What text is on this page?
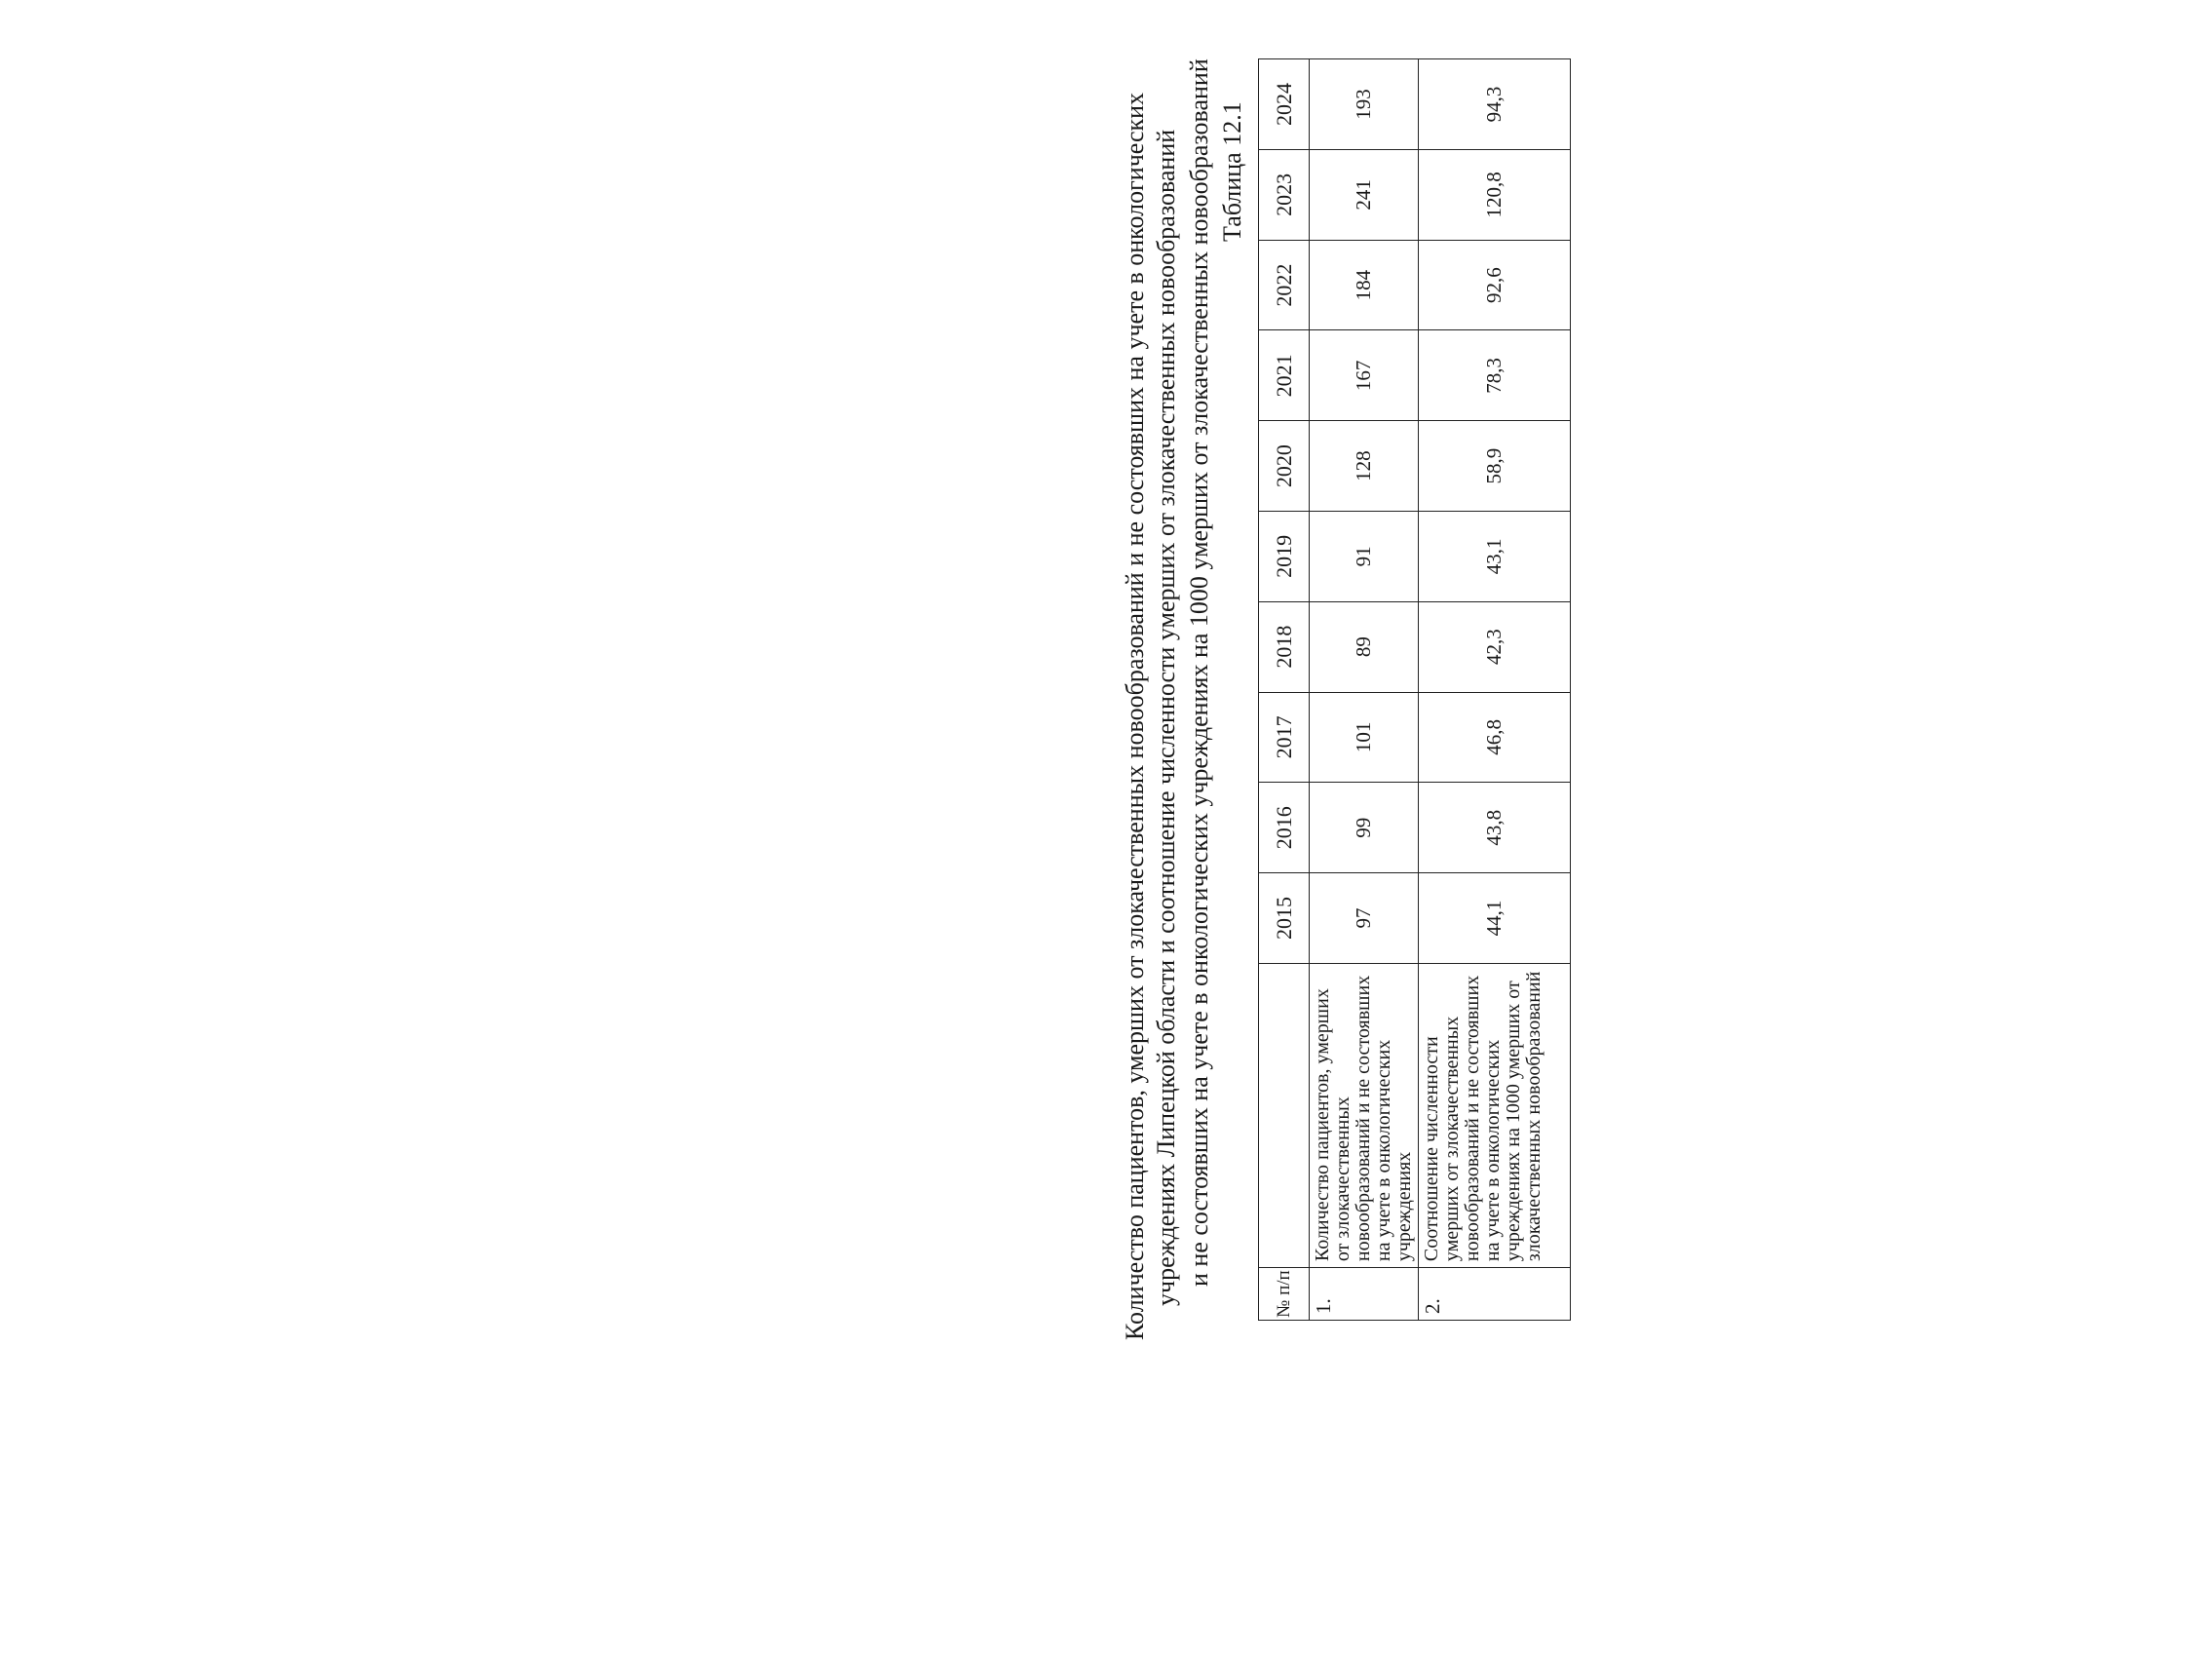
Количество пациентов, умерших от злокачественных новообразований и не состоявших на учете в онкологических учреждениях Липецкой области и соотношение численности умерших от злокачественных новообразований и не состоявших на учете в онкологических учреждениях на 1000 умерших от злокачественных новообразований Таблица 12.1
№ п/п		2015	2016	2017	2018	2019	2020	2021	2022	2023	2024
1.	Количество пациентов, умерших от злокачественных новообразований и не состоявших на учете в онкологических учреждениях	97	99	101	89	91	128	167	184	241	193
2.	Соотношение численности умерших от злокачественных новообразований и не состоявших на учете в онкологических учреждениях на 1000 умерших от злокачественных новообразований	44,1	43,8	46,8	42,3	43,1	58,9	78,3	92,6	120,8	94,3
